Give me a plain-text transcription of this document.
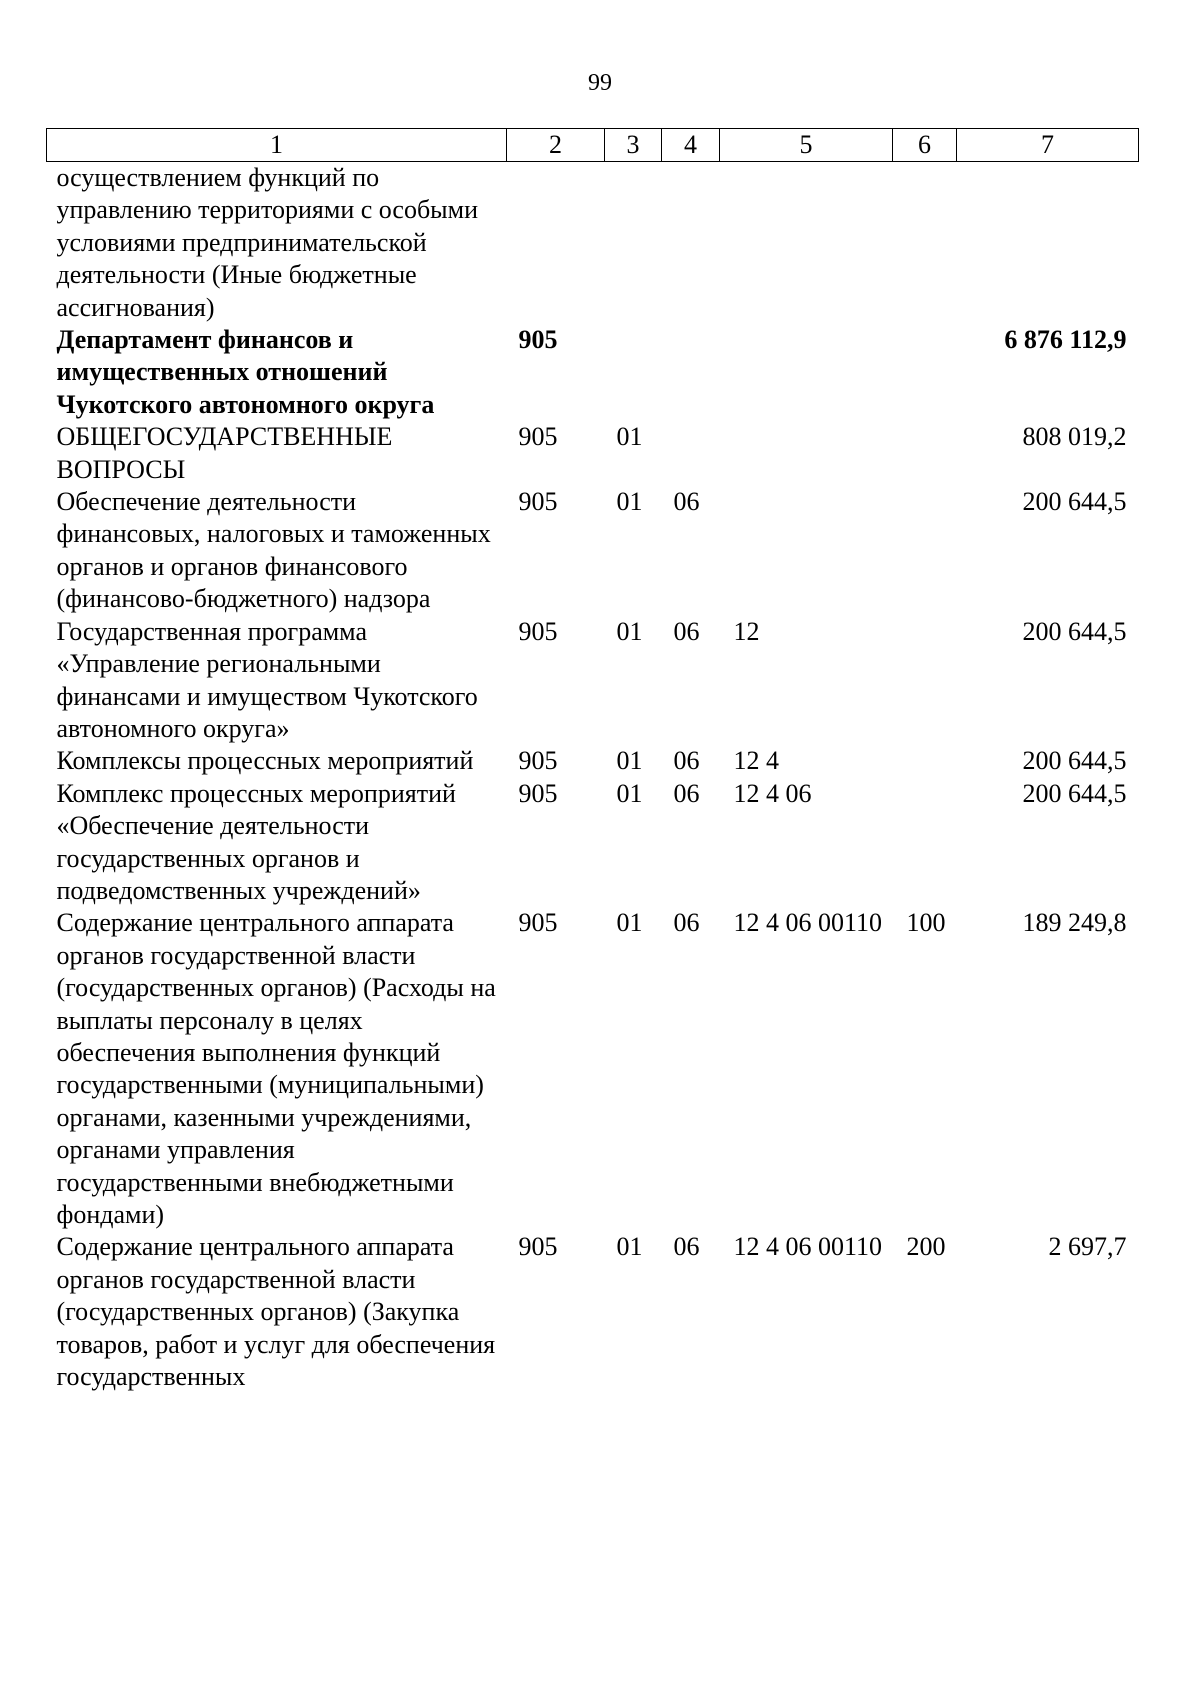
99
1	2	3	4	5	6	7
осуществлением функций по управлению территориями с особыми условиями предпринимательской деятельности (Иные бюджетные ассигнования)						
Департамент финансов и имущественных отношений Чукотского автономного округа	905					6 876 112,9
ОБЩЕГОСУДАРСТВЕННЫЕ ВОПРОСЫ	905	01				808 019,2
Обеспечение деятельности финансовых, налоговых и таможенных органов и органов финансового (финансово-бюджетного) надзора	905	01	06			200 644,5
Государственная программа «Управление региональными финансами и имуществом Чукотского автономного округа»	905	01	06	12		200 644,5
Комплексы процессных мероприятий	905	01	06	12 4		200 644,5
Комплекс процессных мероприятий «Обеспечение деятельности государственных органов и подведомственных учреждений»	905	01	06	12 4 06		200 644,5
Содержание центрального аппарата органов государственной власти (государственных органов) (Расходы на выплаты персоналу в целях обеспечения выполнения функций государственными (муниципальными) органами, казенными учреждениями, органами управления государственными внебюджетными фондами)	905	01	06	12 4 06 00110	100	189 249,8
Содержание центрального аппарата органов государственной власти (государственных органов) (Закупка товаров, работ и услуг для обеспечения государственных	905	01	06	12 4 06 00110	200	2 697,7
